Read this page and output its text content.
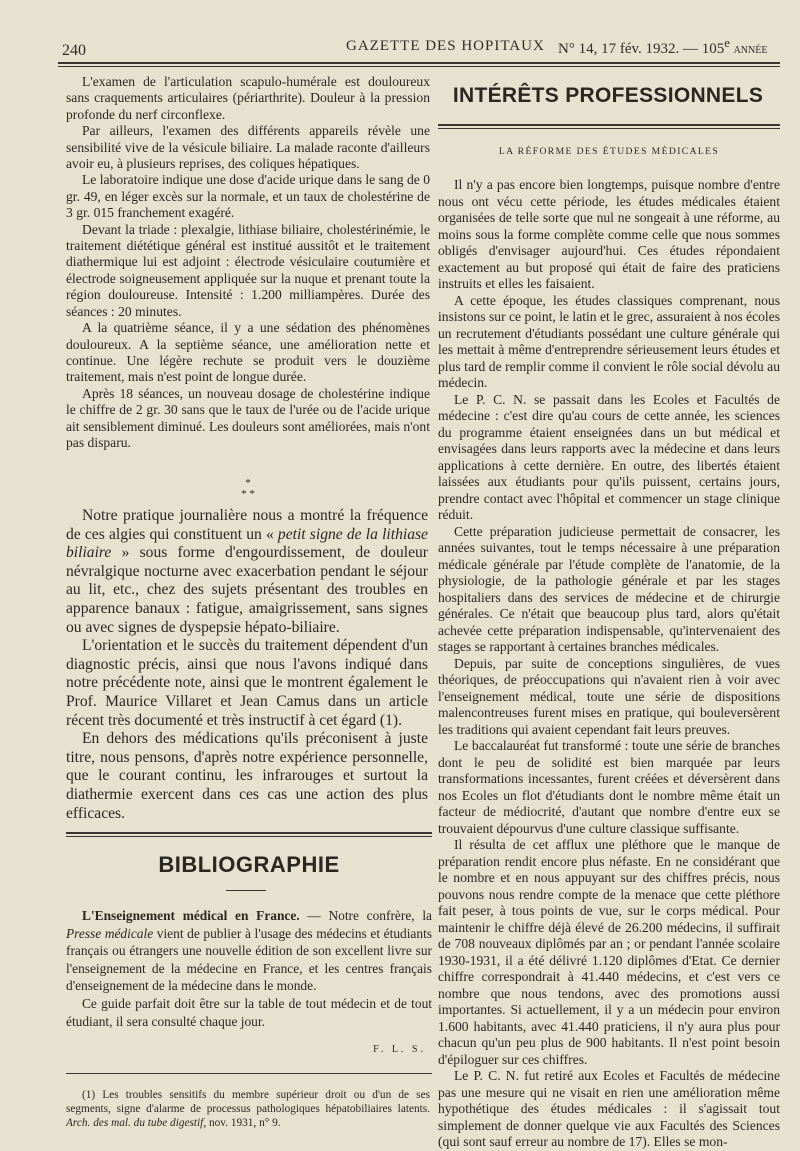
240	GAZETTE DES HOPITAUX N° 14, 17 fév. 1932. — 105e ANNÉE

L'examen de l'articulation scapulo-humérale est douloureux sans craquements articulaires (périarthrite). Douleur à la pression profonde du nerf circonflexe.

Par ailleurs, l'examen des différents appareils révèle une sensibilité vive de la vésicule biliaire. La malade raconte d'ailleurs avoir eu, à plusieurs reprises, des coliques hépatiques.

Le laboratoire indique une dose d'acide urique dans le sang de 0 gr. 49, en léger excès sur la normale, et un taux de cholestérine de 3 gr. 015 franchement exagéré.

Devant la triade : plexalgie, lithiase biliaire, cholestérinémie, le traitement diététique général est institué aussitôt et le traitement diathermique lui est adjoint : électrode vésiculaire coutumière et électrode soigneusement appliquée sur la nuque et prenant toute la région douloureuse. Intensité : 1.200 milliampères. Durée des séances : 20 minutes.

A la quatrième séance, il y a une sédation des phénomènes douloureux. A la septième séance, une amélioration nette et continue. Une légère rechute se produit vers le douzième traitement, mais n'est point de longue durée.

Après 18 séances, un nouveau dosage de cholestérine indique le chiffre de 2 gr. 30 sans que le taux de l'urée ou de l'acide urique ait sensiblement diminué. Les douleurs sont améliorées, mais n'ont pas disparu.

*
* *

Notre pratique journalière nous a montré la fréquence de ces algies qui constituent un « petit signe de la lithiase biliaire » sous forme d'engourdissement, de douleur névralgique nocturne avec exacerbation pendant le séjour au lit, etc., chez des sujets présentant des troubles en apparence banaux : fatigue, amaigrissement, sans signes ou avec signes de dyspepsie hépato-biliaire.

L'orientation et le succès du traitement dépendent d'un diagnostic précis, ainsi que nous l'avons indiqué dans notre précédente note, ainsi que le montrent également le Prof. Maurice Villaret et Jean Camus dans un article récent très documenté et très instructif à cet égard (1).

En dehors des médications qu'ils préconisent à juste titre, nous pensons, d'après notre expérience personnelle, que le courant continu, les infrarouges et surtout la diathermie exercent dans ces cas une action des plus efficaces.

BIBLIOGRAPHIE

L'Enseignement médical en France. — Notre confrère, la Presse médicale vient de publier à l'usage des médecins et étudiants français ou étrangers une nouvelle édition de son excellent livre sur l'enseignement de la médecine en France, et les centres français d'enseignement de la médecine dans le monde.

Ce guide parfait doit être sur la table de tout médecin et de tout étudiant, il sera consulté chaque jour.

F. L. S.

(1) Les troubles sensitifs du membre supérieur droit ou d'un de ses segments, signe d'alarme de processus pathologiques hépatobiliaires latents. Arch. des mal. du tube digestif, nov. 1931, n° 9.

INTÉRÊTS PROFESSIONNELS
LA RÉFORME DES ÉTUDES MÉDICALES

Il n'y a pas encore bien longtemps, puisque nombre d'entre nous ont vécu cette période, les études médicales étaient organisées de telle sorte que nul ne songeait à une réforme, au moins sous la forme complète comme celle que nous sommes obligés d'envisager aujourd'hui. Ces études répondaient exactement au but proposé qui était de faire des praticiens instruits et elles les faisaient.

A cette époque, les études classiques comprenant, nous insistons sur ce point, le latin et le grec, assuraient à nos écoles un recrutement d'étudiants possédant une culture générale qui les mettait à même d'entreprendre sérieusement leurs études et plus tard de remplir comme il convient le rôle social dévolu au médecin.

Le P. C. N. se passait dans les Ecoles et Facultés de médecine : c'est dire qu'au cours de cette année, les sciences du programme étaient enseignées dans un but médical et envisagées dans leurs rapports avec la médecine et dans leurs applications à cette dernière. En outre, des libertés étaient laissées aux étudiants pour qu'ils puissent, certains jours, prendre contact avec l'hôpital et commencer un stage clinique réduit.

Cette préparation judicieuse permettait de consacrer, les années suivantes, tout le temps nécessaire à une préparation médicale générale par l'étude complète de l'anatomie, de la physiologie, de la pathologie générale et par les stages hospitaliers dans des services de médecine et de chirurgie générales. Ce n'était que beaucoup plus tard, alors qu'était achevée cette préparation indispensable, qu'intervenaient des stages se rapportant à certaines branches médicales.

Depuis, par suite de conceptions singulières, de vues théoriques, de préoccupations qui n'avaient rien à voir avec l'enseignement médical, toute une série de dispositions malencontreuses furent mises en pratique, qui bouleversèrent les traditions qui avaient cependant fait leurs preuves.

Le baccalauréat fut transformé : toute une série de branches dont le peu de solidité est bien marquée par leurs transformations incessantes, furent créées et déversèrent dans nos Ecoles un flot d'étudiants dont le nombre même était un facteur de médiocrité, d'autant que nombre d'entre eux se trouvaient dépourvus d'une culture classique suffisante.

Il résulta de cet afflux une pléthore que le manque de préparation rendit encore plus néfaste. En ne considérant que le nombre et en nous appuyant sur des chiffres précis, nous pouvons nous rendre compte de la menace que cette pléthore fait peser, à tous points de vue, sur le corps médical. Pour maintenir le chiffre déjà élevé de 26.200 médecins, il suffirait de 708 nouveaux diplômés par an ; or pendant l'année scolaire 1930-1931, il a été délivré 1.120 diplômes d'Etat. Ce dernier chiffre correspondrait à 41.440 médecins, et c'est vers ce nombre que nous tendons, avec des promotions aussi importantes. Si actuellement, il y a un médecin pour environ 1.600 habitants, avec 41.440 praticiens, il n'y aura plus pour chacun qu'un peu plus de 900 habitants. Il n'est point besoin d'épiloguer sur ces chiffres.

Le P. C. N. fut retiré aux Ecoles et Facultés de médecine pas une mesure qui ne visait en rien une amélioration même hypothétique des études médicales : il s'agissait tout simplement de donner quelque vie aux Facultés des Sciences (qui sont sauf erreur au nombre de 17). Elles se mon-
